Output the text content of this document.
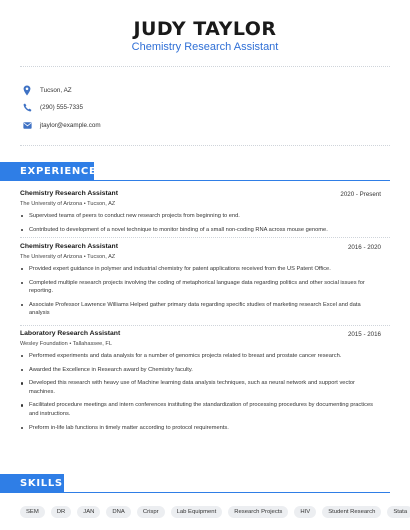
JUDY TAYLOR
Chemistry Research Assistant
Tucson, AZ
(290) 555-7335
jtaylor@example.com
EXPERIENCE
Chemistry Research Assistant	2020 - Present
The University of Arizona • Tucson, AZ
Supervised teams of peers to conduct new research projects from beginning to end.
Contributed to development of a novel technique to monitor binding of a small non-coding RNA across mouse genome.
Chemistry Research Assistant	2016 - 2020
The University of Arizona • Tucson, AZ
Provided expert guidance in polymer and industrial chemistry for patent applications received from the US Patent Office.
Completed multiple research projects involving the coding of metaphorical language data regarding politics and other social issues for reporting.
Associate Professor Lawrence Williams Helped gather primary data regarding specific studies of marketing research Excel and data analysis
Laboratory Research Assistant	2015 - 2016
Wesley Foundation • Tallahassee, FL
Performed experiments and data analysis for a number of genomics projects related to breast and prostate cancer research.
Awarded the Excellence in Research award by Chemistry faculty.
Developed this research with heavy use of Machine learning data analysis techniques, such as neural network and support vector machines.
Facilitated procedure meetings and intern conferences instituting the standardization of processing procedures by documenting practices and instructions.
Preform in-life lab functions in timely matter according to protocol requirements.
SKILLS
SEM	DR	JAN	DNA	Crispr	Lab Equipment	Research Projects	HIV	Student Research	Stata
